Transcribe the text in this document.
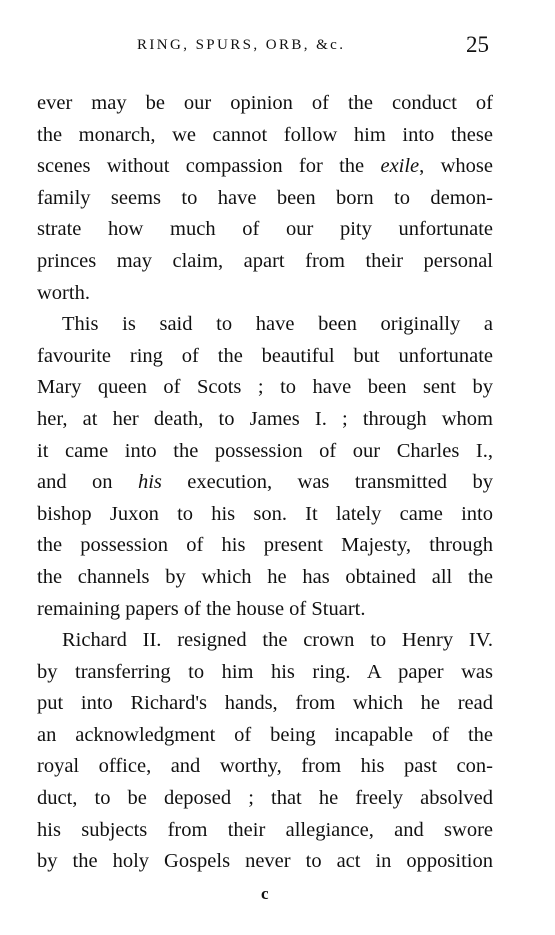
RING, SPURS, ORB, &c.	25
ever may be our opinion of the conduct of
the monarch, we cannot follow him into these
scenes without compassion for the exile, whose
family seems to have been born to demon-
strate how much of our pity unfortunate
princes may claim, apart from their personal
worth.
This is said to have been originally a
favourite ring of the beautiful but unfortunate
Mary queen of Scots ; to have been sent by
her, at her death, to James I. ; through whom
it came into the possession of our Charles I.,
and on his execution, was transmitted by
bishop Juxon to his son. It lately came into
the possession of his present Majesty, through
the channels by which he has obtained all the
remaining papers of the house of Stuart.
Richard II. resigned the crown to Henry IV.
by transferring to him his ring. A paper was
put into Richard's hands, from which he read
an acknowledgment of being incapable of the
royal office, and worthy, from his past con-
duct, to be deposed ; that he freely absolved
his subjects from their allegiance, and swore
by the holy Gospels never to act in opposition
c
